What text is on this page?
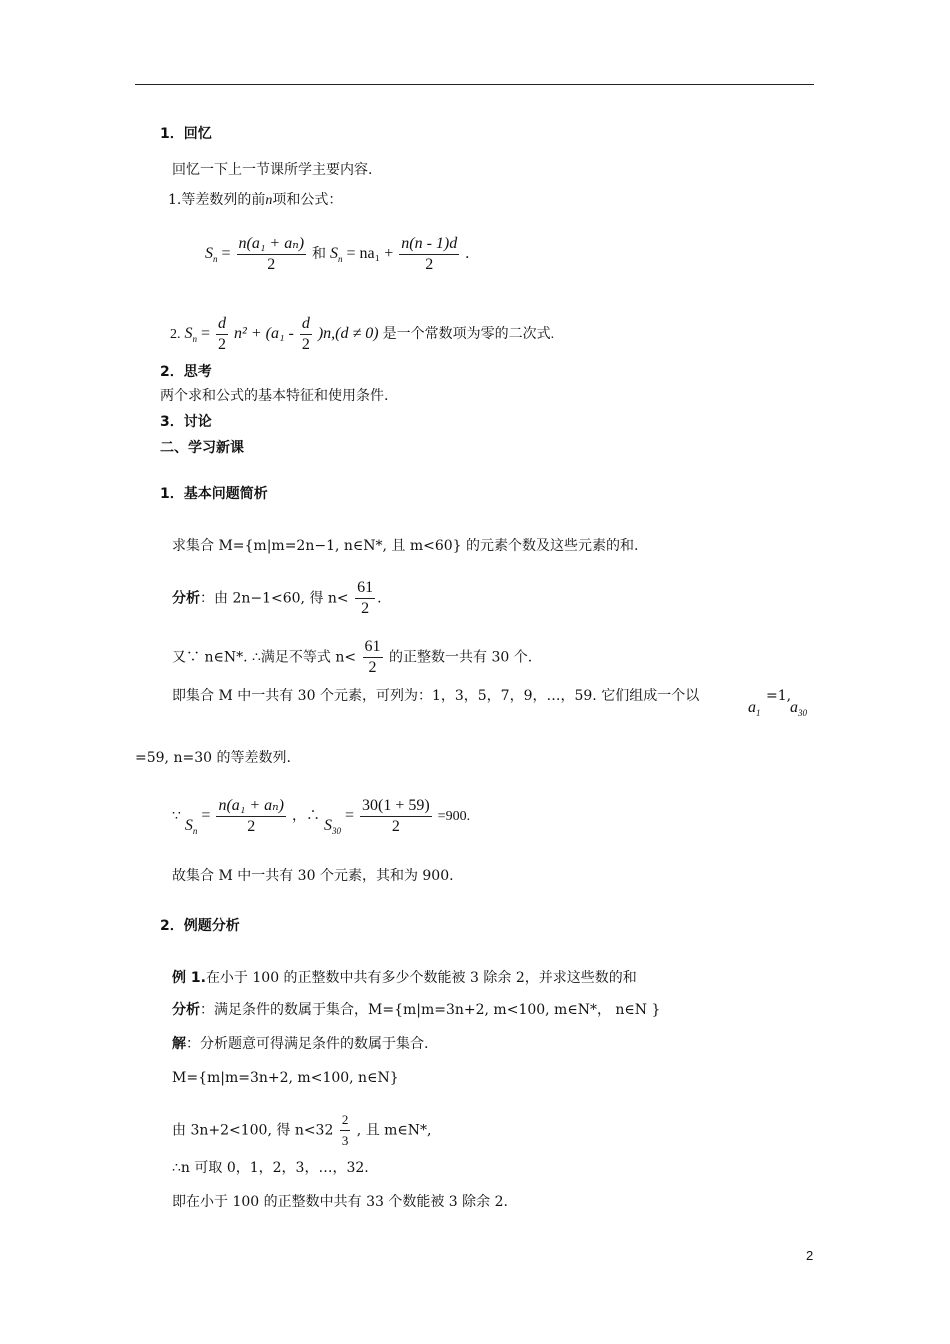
1．回忆
回忆一下上一节课所学主要内容.
1.等差数列的前n项和公式：
$S_n = \frac{\text{n(a₁ + aₙ)}}{2}$ 和 $S_n = na_1 + \frac{n(n - 1)d}{2}$ .
2. $S_n = \frac{d}{2} n^2 + (a_1 - \frac{d}{2} )n,(d \ne 0)$ 是一个常数项为零的二次式.
2．思考
两个求和公式的基本特征和使用条件.
3．讨论
二、学习新课
1．基本问题简析
求集合 M={m|m=2n−1, n∈N*, 且 m<60} 的元素个数及这些元素的和.
分析：由 2n−1<60, 得 $n< \frac{61}{2}$ .
又∵ n∈N*. ∴满足不等式 $n< \frac{61}{2}$ 的正整数一共有 30 个.
即集合 M 中一共有 30 个元素，可列为：1，3，5，7，9，…，59. 它们组成一个以
$a_1$
=1,
$a_{30}$
=59, n=30 的等差数列.
∵ $S_n = \frac{\text{n(a₁ + aₙ)}}{2}$ ，∴ $S_{30} = \frac{30(1 + 59)}{2} =900$.
故集合 M 中一共有 30 个元素，其和为 900.
2．例题分析
例 1.在小于 100 的正整数中共有多少个数能被 3 除余 2，并求这些数的和
分析：满足条件的数属于集合，M={m|m=3n+2, m<100, m∈N*， n∈N }
解：分析题意可得满足条件的数属于集合.
M={m|m=3n+2, m<100, n∈N}
由 3n+2<100, 得 $n<32 \frac{2}{3}$ , 且 m∈N*,
∴n 可取 0，1，2，3，…，32.
即在小于 100 的正整数中共有 33 个数能被 3 除余 2.
2
